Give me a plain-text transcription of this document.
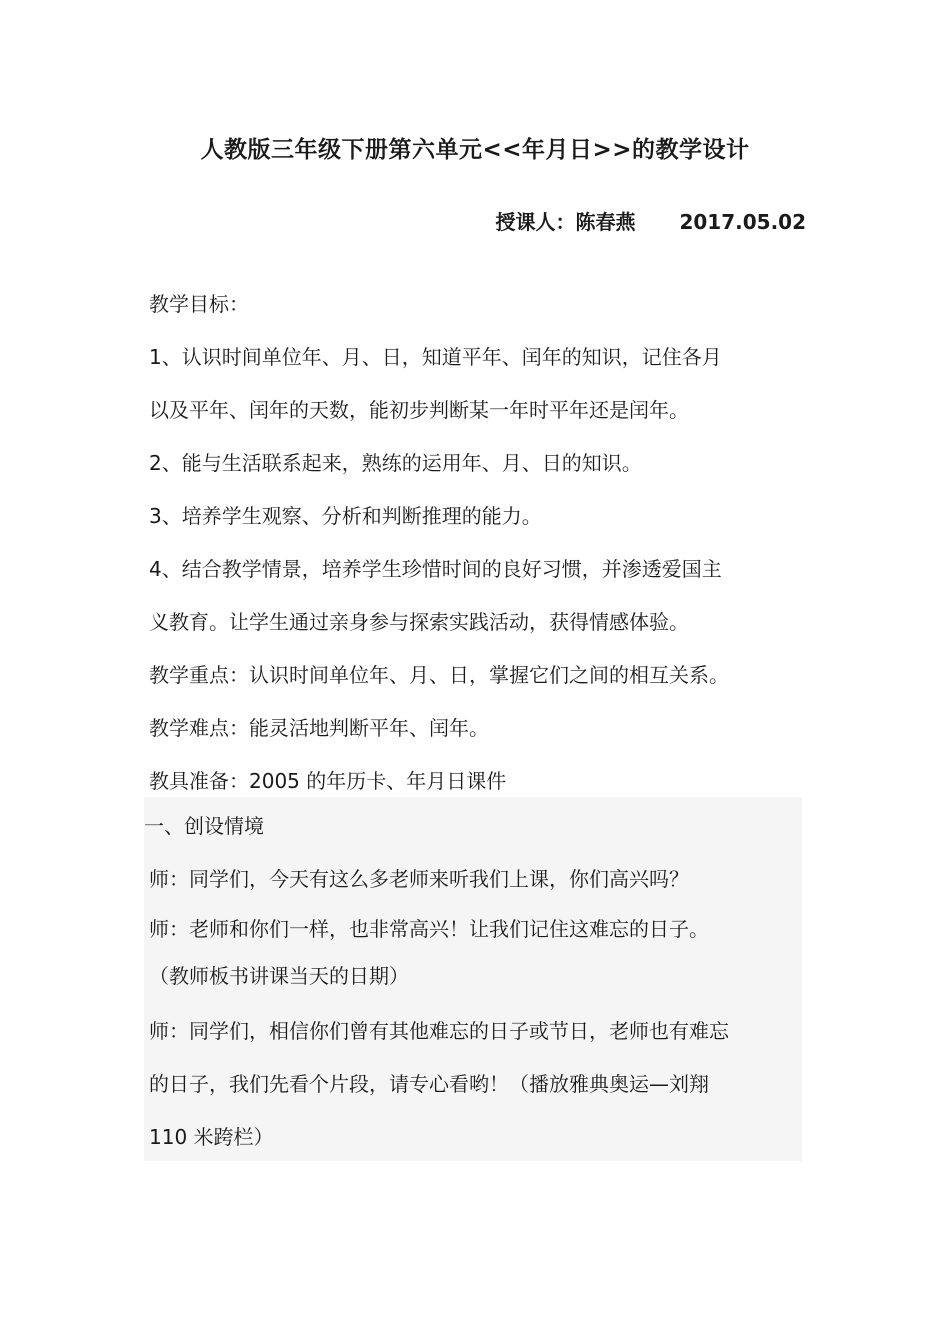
人教版三年级下册第六单元<<年月日>>的教学设计
授课人：陈春燕 2017.05.02

教学目标：

1、认识时间单位年、月、日，知道平年、闰年的知识，记住各月

以及平年、闰年的天数，能初步判断某一年时平年还是闰年。

2、能与生活联系起来，熟练的运用年、月、日的知识。

3、培养学生观察、分析和判断推理的能力。

4、结合教学情景，培养学生珍惜时间的良好习惯，并渗透爱国主

义教育。让学生通过亲身参与探索实践活动，获得情感体验。

教学重点：认识时间单位年、月、日，掌握它们之间的相互关系。

教学难点：能灵活地判断平年、闰年。

教具准备：2005 的年历卡、年月日课件

一、创设情境

师：同学们，今天有这么多老师来听我们上课，你们高兴吗？

师：老师和你们一样，也非常高兴！让我们记住这难忘的日子。

（教师板书讲课当天的日期）

师：同学们，相信你们曾有其他难忘的日子或节日，老师也有难忘

的日子，我们先看个片段，请专心看哟！（播放雅典奥运—刘翔

110 米跨栏）
